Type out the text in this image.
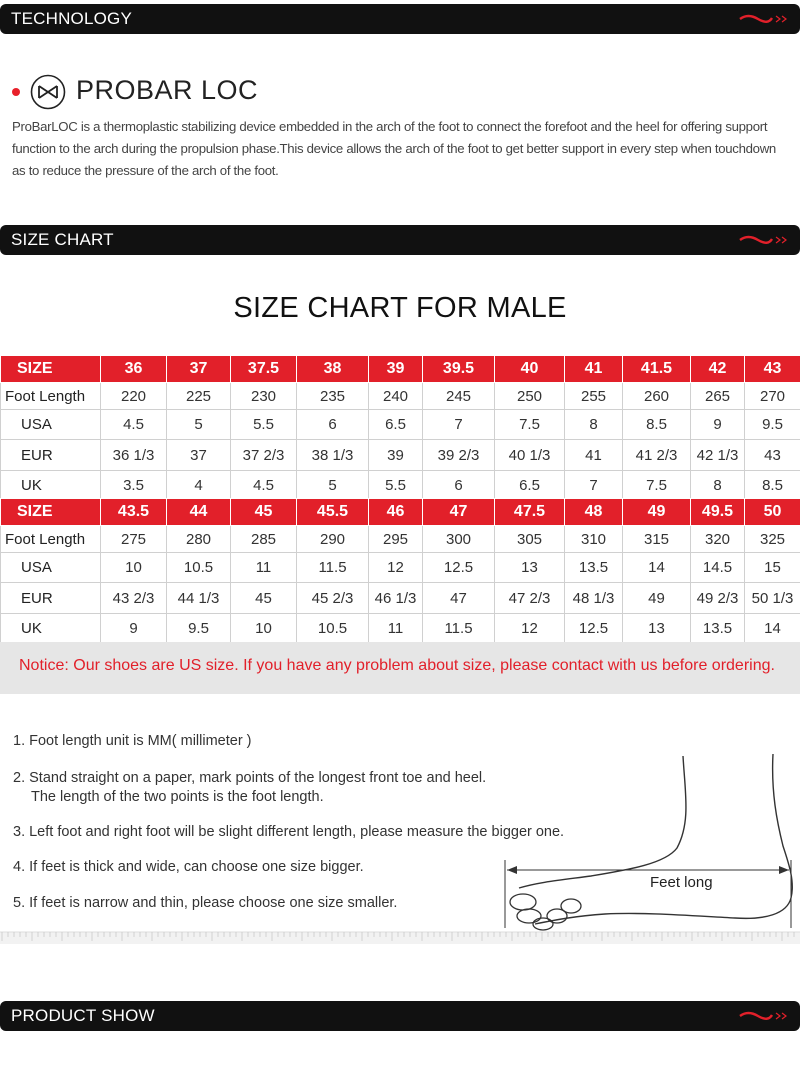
TECHNOLOGY
PROBAR LOC
ProBarLOC is a thermoplastic stabilizing device embedded in the arch of the foot to connect the forefoot and the heel for offering support
function to the arch during the propulsion phase.This device allows the arch of the foot to get better support in every step when touchdown
as to reduce the pressure of the arch of the foot.
SIZE CHART
SIZE CHART FOR MALE
SIZE	36	37	37.5	38	39	39.5	40	41	41.5	42	43
Foot Length	220	225	230	235	240	245	250	255	260	265	270
USA	4.5	5	5.5	6	6.5	7	7.5	8	8.5	9	9.5
EUR	36 1/3	37	37 2/3	38 1/3	39	39 2/3	40 1/3	41	41 2/3	42 1/3	43
UK	3.5	4	4.5	5	5.5	6	6.5	7	7.5	8	8.5
SIZE	43.5	44	45	45.5	46	47	47.5	48	49	49.5	50
Foot Length	275	280	285	290	295	300	305	310	315	320	325
USA	10	10.5	11	11.5	12	12.5	13	13.5	14	14.5	15
EUR	43 2/3	44 1/3	45	45 2/3	46 1/3	47	47 2/3	48 1/3	49	49 2/3	50 1/3
UK	9	9.5	10	10.5	11	11.5	12	12.5	13	13.5	14
Notice: Our shoes are US size. If you have any problem about size, please contact with us before ordering.
1. Foot length unit is MM( millimeter )
2. Stand straight on a paper, mark points of the longest front toe and heel.
The length of the two points is the foot length.
3. Left foot and right foot will be slight different length, please measure the bigger one.
4. If feet is thick and wide, can choose one size bigger.
5. If feet is narrow and thin, please choose one size smaller.
Feet long
PRODUCT SHOW
